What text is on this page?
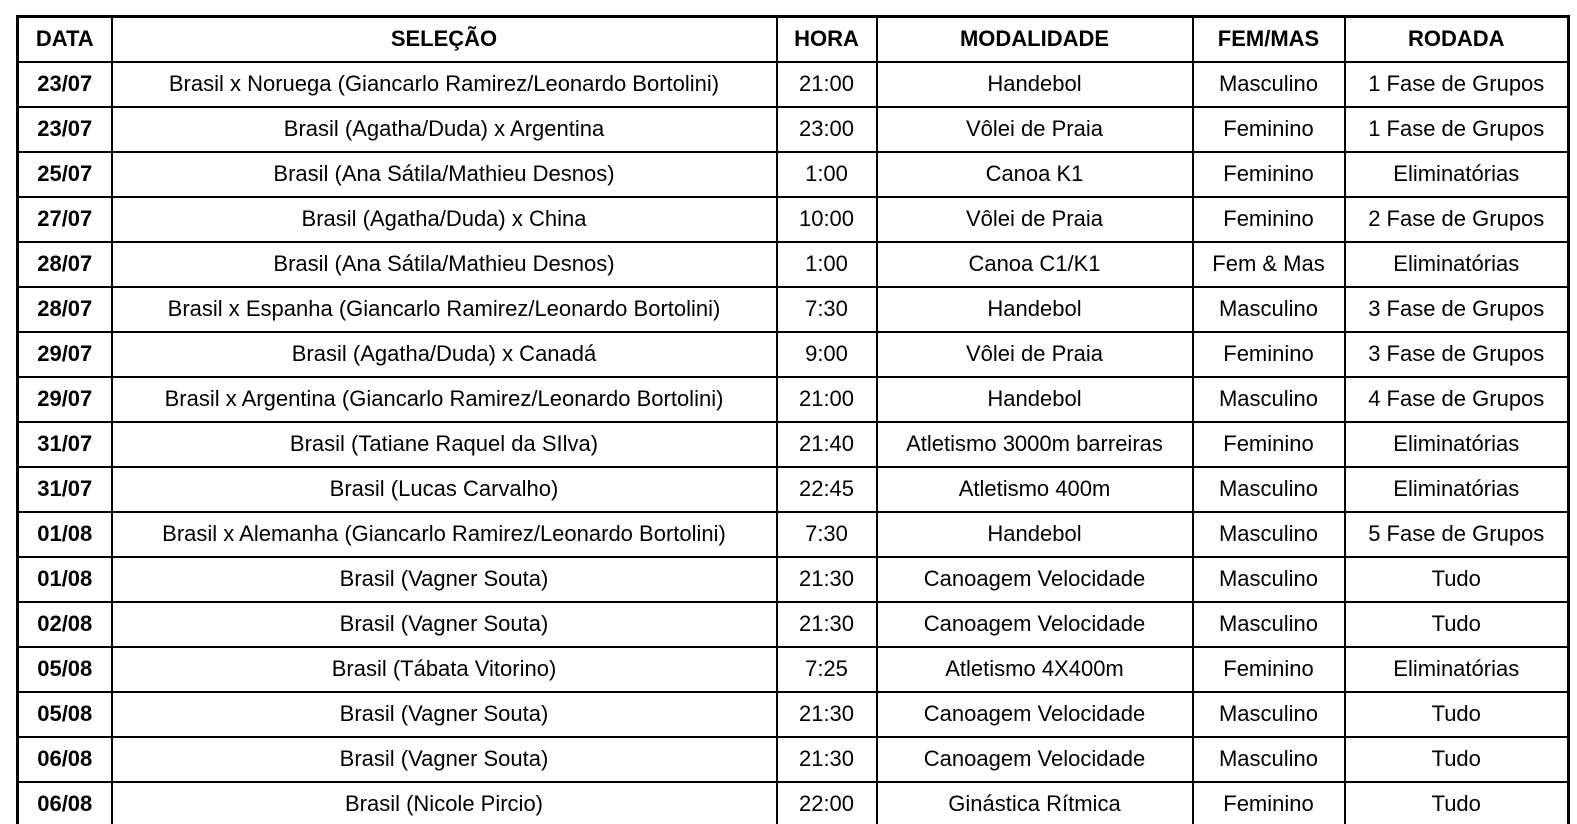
DATA	SELEÇÃO	HORA	MODALIDADE	FEM/MAS	RODADA
23/07	Brasil x Noruega (Giancarlo Ramirez/Leonardo Bortolini)	21:00	Handebol	Masculino	1 Fase de Grupos
23/07	Brasil (Agatha/Duda) x Argentina	23:00	Vôlei de Praia	Feminino	1 Fase de Grupos
25/07	Brasil (Ana Sátila/Mathieu Desnos)	1:00	Canoa K1	Feminino	Eliminatórias
27/07	Brasil (Agatha/Duda) x China	10:00	Vôlei de Praia	Feminino	2 Fase de Grupos
28/07	Brasil (Ana Sátila/Mathieu Desnos)	1:00	Canoa C1/K1	Fem & Mas	Eliminatórias
28/07	Brasil x Espanha (Giancarlo Ramirez/Leonardo Bortolini)	7:30	Handebol	Masculino	3 Fase de Grupos
29/07	Brasil (Agatha/Duda) x Canadá	9:00	Vôlei de Praia	Feminino	3 Fase de Grupos
29/07	Brasil x Argentina (Giancarlo Ramirez/Leonardo Bortolini)	21:00	Handebol	Masculino	4 Fase de Grupos
31/07	Brasil (Tatiane Raquel da SIlva)	21:40	Atletismo 3000m barreiras	Feminino	Eliminatórias
31/07	Brasil (Lucas Carvalho)	22:45	Atletismo 400m	Masculino	Eliminatórias
01/08	Brasil x Alemanha (Giancarlo Ramirez/Leonardo Bortolini)	7:30	Handebol	Masculino	5 Fase de Grupos
01/08	Brasil (Vagner Souta)	21:30	Canoagem Velocidade	Masculino	Tudo
02/08	Brasil (Vagner Souta)	21:30	Canoagem Velocidade	Masculino	Tudo
05/08	Brasil (Tábata Vitorino)	7:25	Atletismo 4X400m	Feminino	Eliminatórias
05/08	Brasil (Vagner Souta)	21:30	Canoagem Velocidade	Masculino	Tudo
06/08	Brasil (Vagner Souta)	21:30	Canoagem Velocidade	Masculino	Tudo
06/08	Brasil (Nicole Pircio)	22:00	Ginástica Rítmica	Feminino	Tudo
